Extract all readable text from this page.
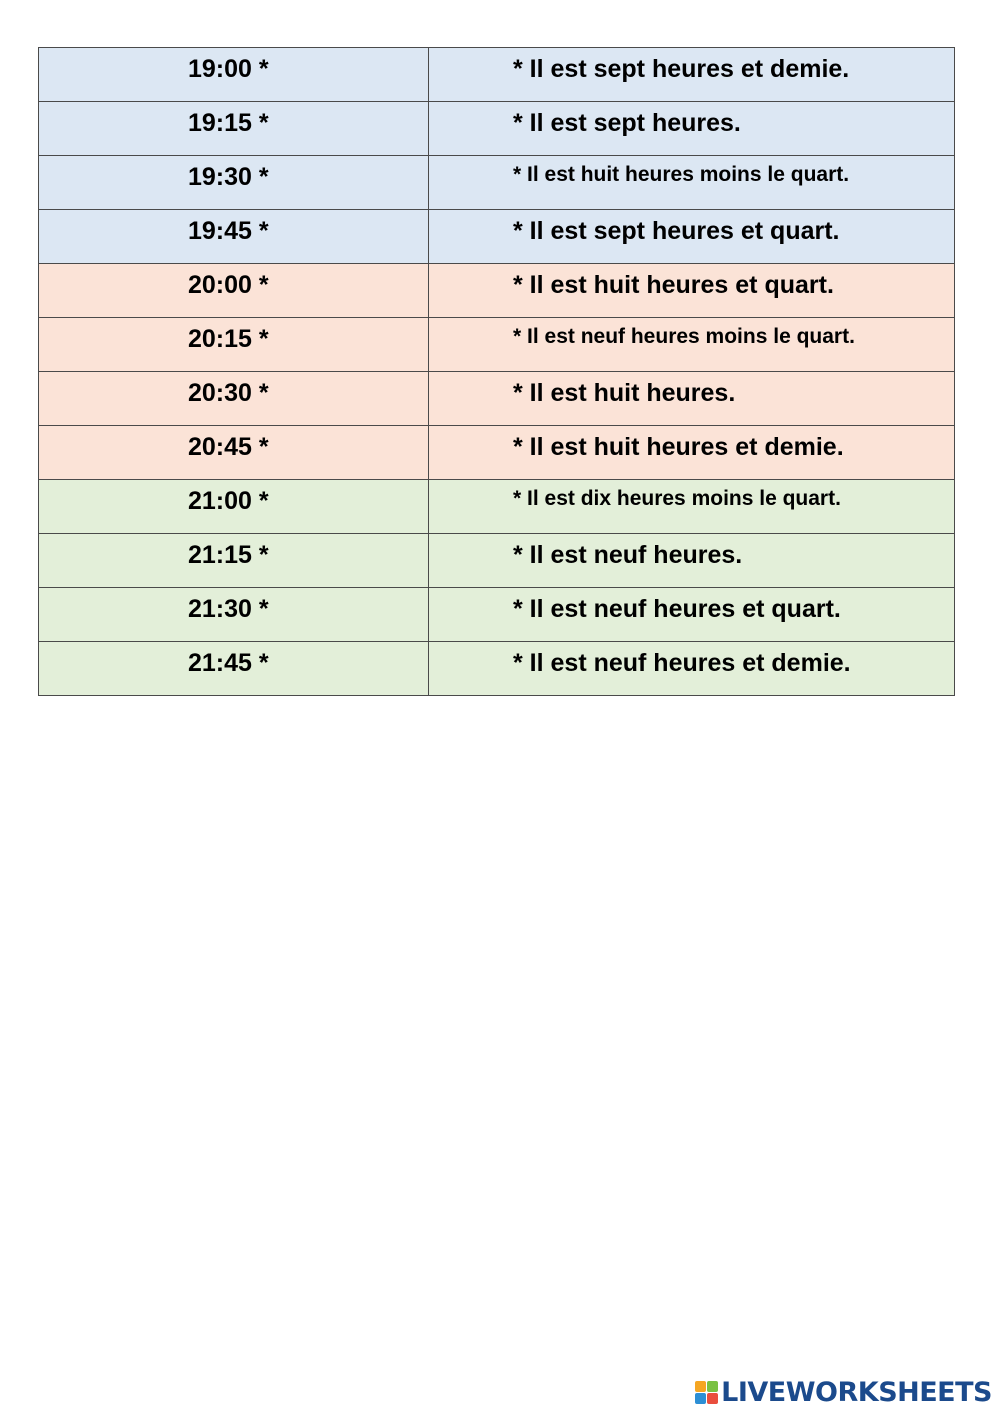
19:00 *	* Il est sept heures et demie.
19:15 *	* Il est sept heures.
19:30 *	* Il est huit heures moins le quart.
19:45 *	* Il est sept heures et quart.
20:00 *	* Il est huit heures et quart.
20:15 *	* Il est neuf heures moins le quart.
20:30 *	* Il est huit heures.
20:45 *	* Il est huit heures et demie.
21:00 *	* Il est dix heures moins le quart.
21:15 *	* Il est neuf heures.
21:30 *	* Il est neuf heures et quart.
21:45 *	* Il est neuf heures et demie.
LIVEWORKSHEETS
